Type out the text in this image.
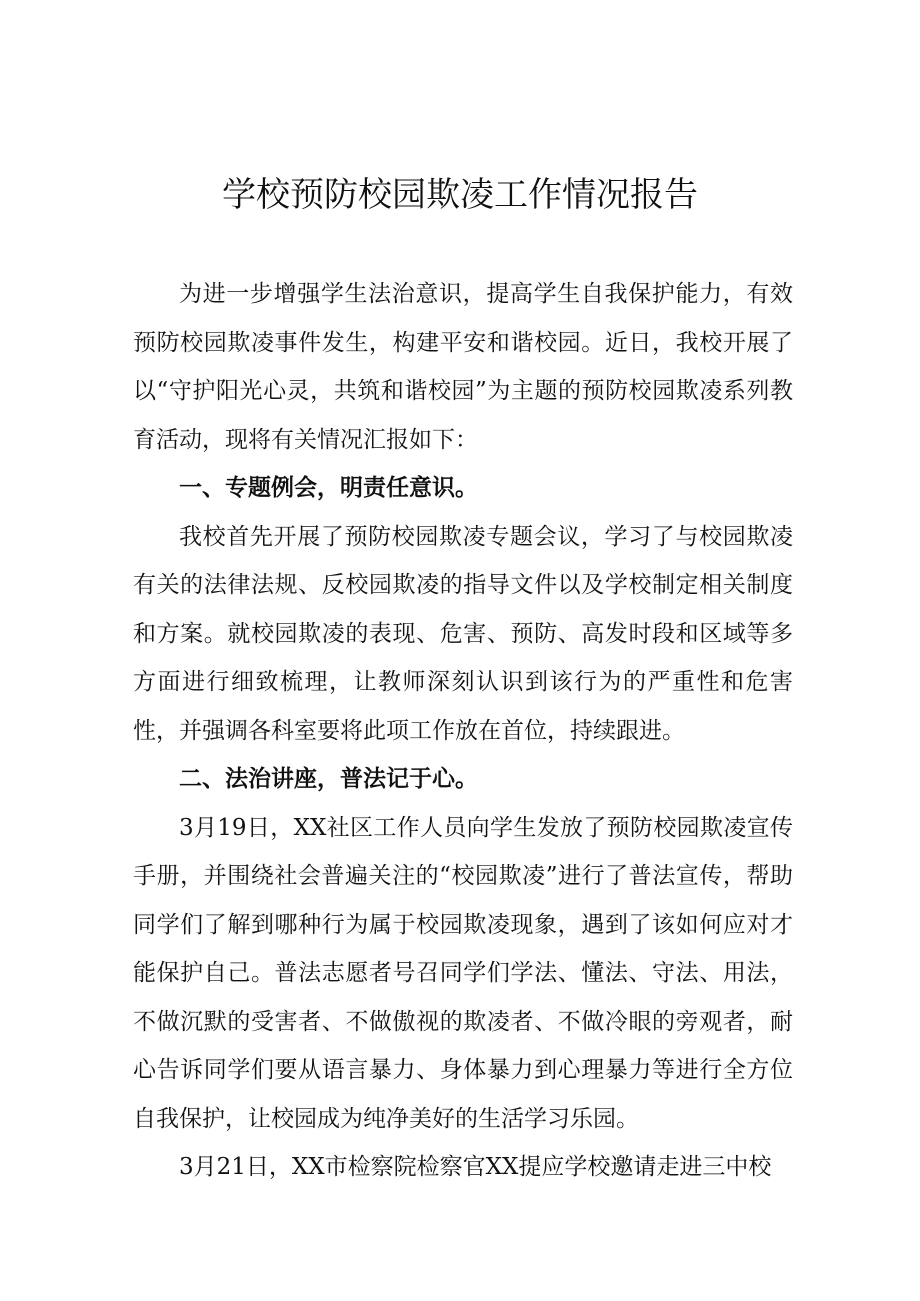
学校预防校园欺凌工作情况报告

为进一步增强学生法治意识，提高学生自我保护能力，有效预防校园欺凌事件发生，构建平安和谐校园。近日，我校开展了以“守护阳光心灵，共筑和谐校园”为主题的预防校园欺凌系列教育活动，现将有关情况汇报如下：

一、专题例会，明责任意识。

我校首先开展了预防校园欺凌专题会议，学习了与校园欺凌有关的法律法规、反校园欺凌的指导文件以及学校制定相关制度和方案。就校园欺凌的表现、危害、预防、高发时段和区域等多方面进行细致梳理，让教师深刻认识到该行为的严重性和危害性，并强调各科室要将此项工作放在首位，持续跟进。

二、法治讲座，普法记于心。

3月19日，XX社区工作人员向学生发放了预防校园欺凌宣传手册，并围绕社会普遍关注的“校园欺凌”进行了普法宣传，帮助同学们了解到哪种行为属于校园欺凌现象，遇到了该如何应对才能保护自己。普法志愿者号召同学们学法、懂法、守法、用法，不做沉默的受害者、不做傲视的欺凌者、不做冷眼的旁观者，耐心告诉同学们要从语言暴力、身体暴力到心理暴力等进行全方位自我保护，让校园成为纯净美好的生活学习乐园。

3月21日，XX市检察院检察官XX提应学校邀请走进三中校
